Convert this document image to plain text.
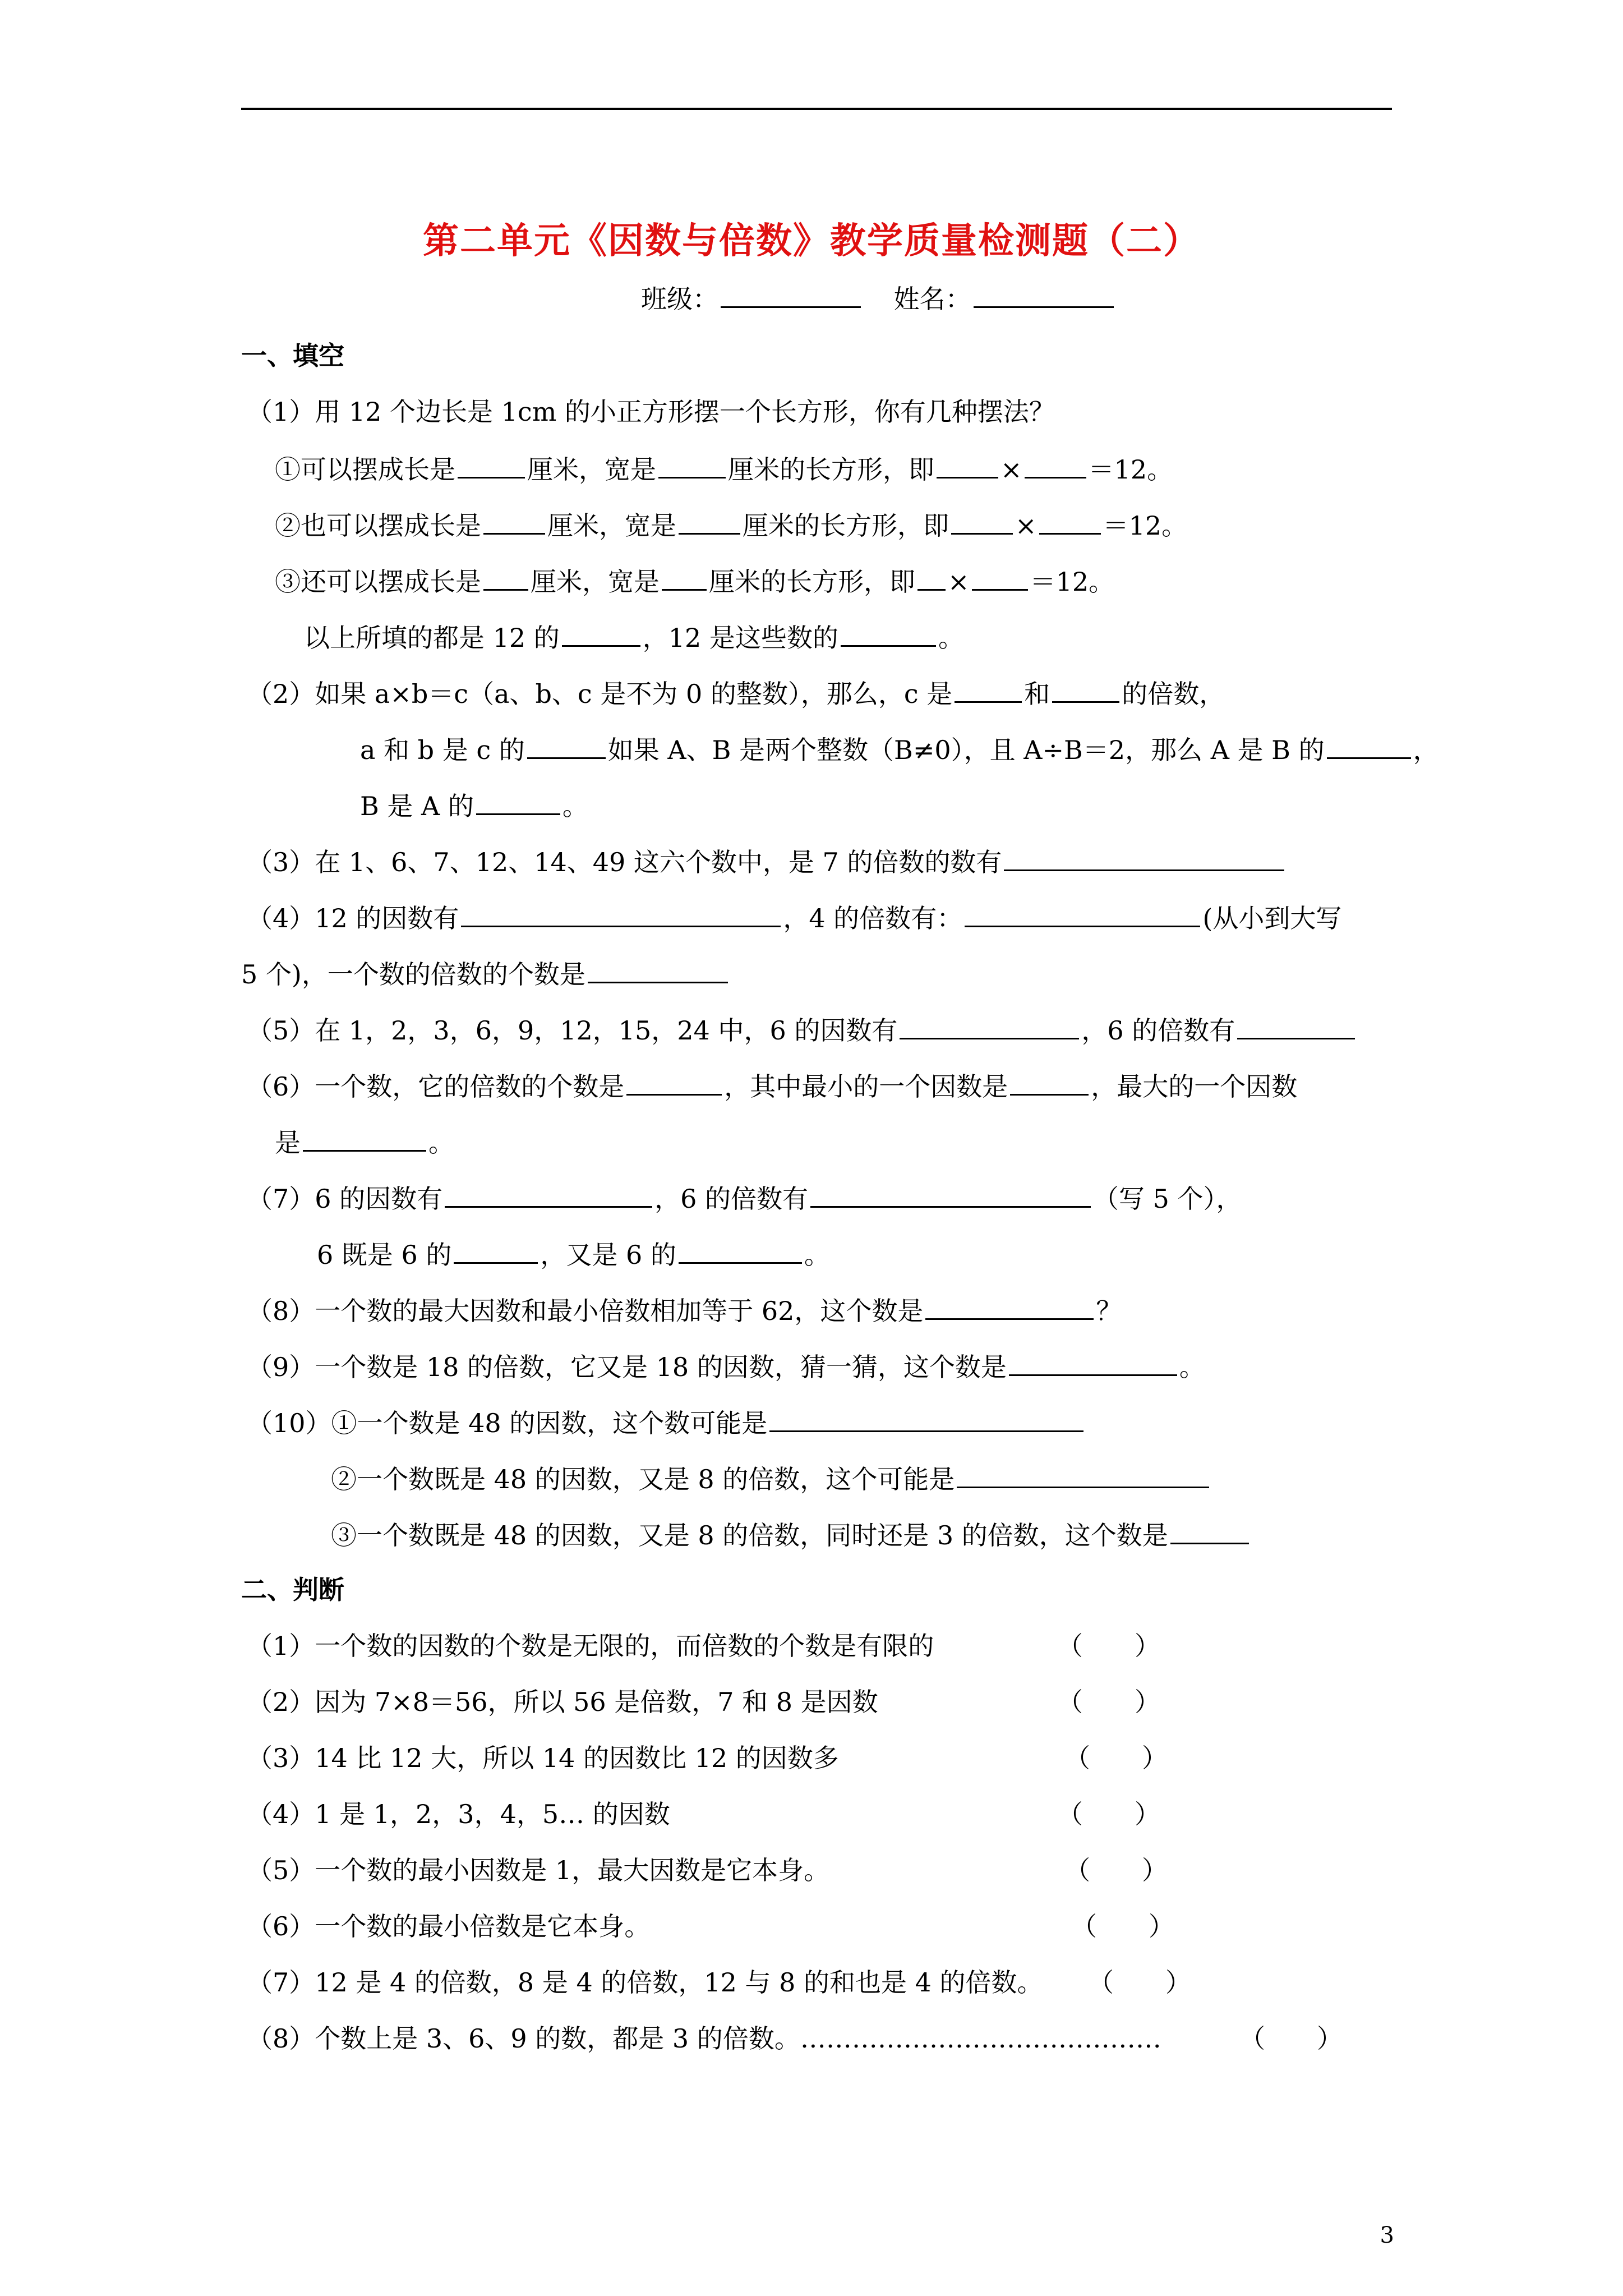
第二单元《因数与倍数》教学质量检测题（二）
班级：	姓名：
一、填空
（1）用 12 个边长是 1cm 的小正方形摆一个长方形，你有几种摆法？
①可以摆成长是	厘米，宽是	厘米的长方形，即	×	＝12。
②也可以摆成长是	厘米，宽是	厘米的长方形，即	×	＝12。
③还可以摆成长是 厘米，宽是 厘米的长方形，即 × ＝12。
以上所填的都是 12 的	，12 是这些数的	。
（2）如果 a×b＝c（a、b、c 是不为 0 的整数），那么，c 是	和	的倍数，
a 和 b 是 c 的	如果 A、B 是两个整数（B≠0），且 A÷B＝2，那么 A 是 B 的	，
B 是 A 的	。
（3）在 1、6、7、12、14、49 这六个数中，是 7 的倍数的数有
（4）12 的因数有	，4 的倍数有：	(从小到大写
5 个)，一个数的倍数的个数是
（5）在 1，2，3，6，9，12，15，24 中，6 的因数有	，6 的倍数有
（6）一个数，它的倍数的个数是	，其中最小的一个因数是	，最大的一个因数
是	。
（7）6 的因数有	，6 的倍数有	（写 5 个），
6 既是 6 的	，又是 6 的	。
（8）一个数的最大因数和最小倍数相加等于 62，这个数是	？
（9）一个数是 18 的倍数，它又是 18 的因数，猜一猜，这个数是	。
（10）①一个数是 48 的因数，这个数可能是
②一个数既是 48 的因数，又是 8 的倍数，这个可能是
③一个数既是 48 的因数，又是 8 的倍数，同时还是 3 的倍数，这个数是
二、判断
（1）一个数的因数的个数是无限的，而倍数的个数是有限的	（　　）
（2）因为 7×8＝56，所以 56 是倍数，7 和 8 是因数	（　　）
（3）14 比 12 大，所以 14 的因数比 12 的因数多	（　　）
（4）1 是 1，2，3，4，5… 的因数	（　　）
（5）一个数的最小因数是 1，最大因数是它本身。	（　　）
（6）一个数的最小倍数是它本身。	（　　）
（7）12 是 4 的倍数，8 是 4 的倍数，12 与 8 的和也是 4 的倍数。 （　　）
（8）个数上是 3、6、9 的数，都是 3 的倍数。……………………………………	（　　）
3
